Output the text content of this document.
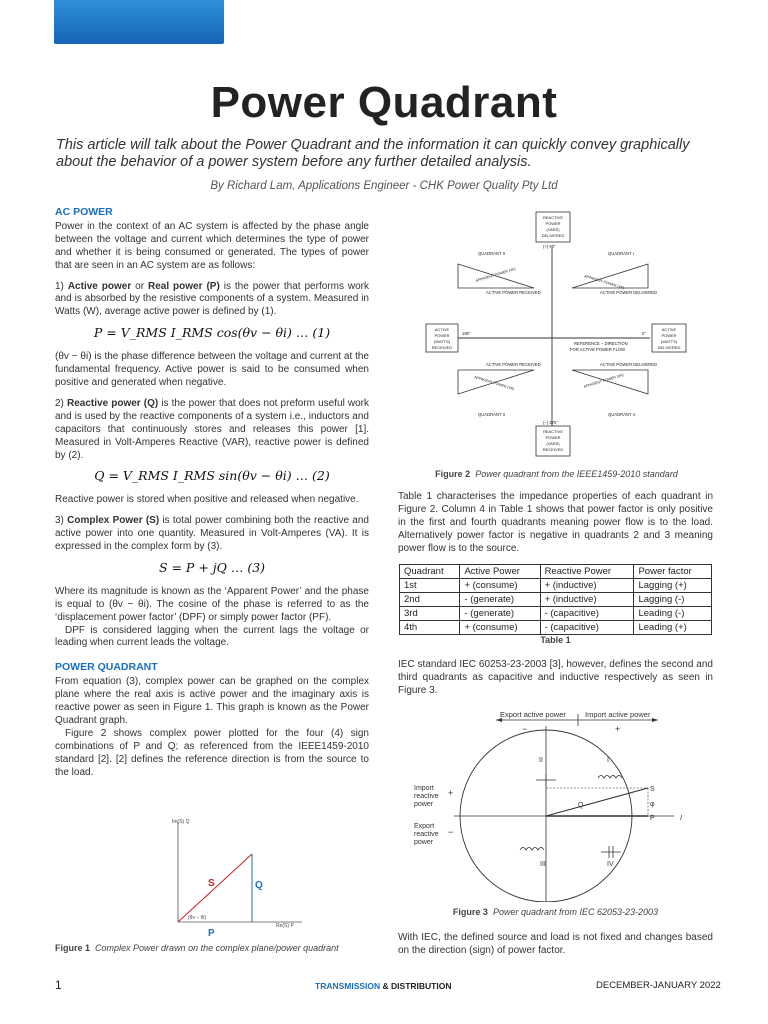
Power Quadrant
This article will talk about the Power Quadrant and the information it can quickly convey graphically about the behavior of a power system before any further detailed analysis.
By Richard Lam, Applications Engineer - CHK Power Quality Pty Ltd
AC POWER

Power in the context of an AC system is affected by the phase angle between the voltage and current which determines the type of power and whether it is being consumed or generated. The types of power that are seen in an AC system are as follows:

1) Active power or Real power (P) is the power that performs work and is absorbed by the resistive components of a system. Measured in Watts (W), average active power is defined by (1).

P = V_RMS I_RMS cos(θv − θi) … (1)

(θv − θi) is the phase difference between the voltage and current at the fundamental frequency. Active power is said to be consumed when positive and generated when negative.

2) Reactive power (Q) is the power that does not preform useful work and is used by the reactive components of a system i.e., inductors and capacitors that continuously stores and releases this power [1]. Measured in Volt-Amperes Reactive (VAR), reactive power is defined by (2).

Q = V_RMS I_RMS sin(θv − θi) … (2)

Reactive power is stored when positive and released when negative.

3) Complex Power (S) is total power combining both the reactive and active power into one quantity. Measured in Volt-Amperes (VA). It is expressed in the complex form by (3).

S = P + jQ … (3)

Where its magnitude is known as the ‘Apparent Power’ and the phase is equal to (θv − θi). The cosine of the phase is referred to as the ‘displacement power factor’ (DPF) or simply power factor (PF).

DPF is considered lagging when the current lags the voltage or leading when current leads the voltage.

POWER QUADRANT

From equation (3), complex power can be graphed on the complex plane where the real axis is active power and the imaginary axis is reactive power as seen in Figure 1. This graph is known as the Power Quadrant graph.

Figure 2 shows complex power plotted for the four (4) sign combinations of P and Q; as referenced from the IEEE1459-2010 standard [2]. [2] defines the reference direction is from the source to the load.

Im(S) Q
Re(S) P
S	Q
P
(θv − θi)
Figure 1 Complex Power drawn on the complex plane/power quadrant
REACTIVE
POWER
(VARS)
DELIVERED
REACTIVE
POWER
(VARS)
RECEIVED
ACTIVE
POWER
(WATTS)
RECEIVED
ACTIVE
POWER
(WATTS)
DELIVERED
QUADRANT II	QUADRANT I
QUADRANT 3	QUADRANT 4
(+) 90°
(−) 270°
180°	0°
REFERENCE − DIRECTION
FOR ACTIVE POWER FLOW
ACTIVE POWER RECEIVED	ACTIVE POWER DELIVERED
ACTIVE POWER RECEIVED	ACTIVE POWER DELIVERED
APPARENT POWER (VA)	APPARENT POWER (VA)
APPARENT POWER (VA)	APPARENT POWER (VA)
Figure 2 Power quadrant from the IEEE1459-2010 standard
Table 1 characterises the impedance properties of each quadrant in Figure 2. Column 4 in Table 1 shows that power factor is only positive in the first and fourth quadrants meaning power flow is to the load. Alternatively power factor is negative in quadrants 2 and 3 meaning power flow is to the source.
Quadrant	Active Power	Reactive Power	Power factor
1st	+ (consume)	+ (inductive)	Lagging (+)
2nd	- (generate)	+ (inductive)	Lagging (-)
3rd	- (generate)	- (capacitive)	Leading (-)
4th	+ (consume)	- (capacitive)	Leading (+)
Table 1
IEC standard IEC 60253-23-2003 [3], however, defines the second and third quadrants as capacitive and inductive respectively as seen in Figure 3.
Export active power	Import active power
−	+
Import
reactive
power
Export
reactive
power
+
−
II	I
III	IV
Q
S
φ
P	I
Figure 3 Power quadrant from IEC 62053-23-2003
With IEC, the defined source and load is not fixed and changes based on the direction (sign) of power factor.
1	TRANSMISSION & DISTRIBUTION	DECEMBER-JANUARY 2022
